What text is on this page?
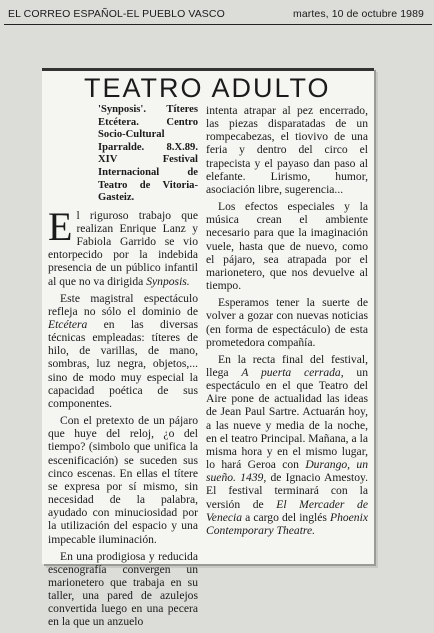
EL CORREO ESPAÑOL-EL PUEBLO VASCO	martes, 10 de octubre 1989
TEATRO ADULTO

'Synposis'. Títeres Etcétera. Centro Socio-Cultural Iparralde. 8.X.89. XIV Festival Internacional de Teatro de Vitoria-Gasteiz.

El riguroso trabajo que realizan Enrique Lanz y Fabiola Garrido se vio entorpecido por la indebida presencia de un público infantil al que no va dirigida Synposis.

Este magistral espectáculo refleja no sólo el dominio de Etcétera en las diversas técnicas empleadas: títeres de hilo, de varillas, de mano, sombras, luz negra, objetos,... sino de modo muy especial la capacidad poética de sus componentes.

Con el pretexto de un pájaro que huye del reloj, ¿o del tiempo? (simbolo que unifica la escenificación) se suceden sus cinco escenas. En ellas el títere se expresa por sí mismo, sin necesidad de la palabra, ayudado con minuciosidad por la utilización del espacio y una impecable iluminación.

En una prodigiosa y reducida escenografía convergen un marionetero que trabaja en su taller, una pared de azulejos convertida luego en una pecera en la que un anzuelo

intenta atrapar al pez encerrado, las piezas disparatadas de un rompecabezas, el tiovivo de una feria y dentro del circo el trapecista y el payaso dan paso al elefante. Lirismo, humor, asociación libre, sugerencia...

Los efectos especiales y la música crean el ambiente necesario para que la imaginación vuele, hasta que de nuevo, como el pájaro, sea atrapada por el marionetero, que nos devuelve al tiempo.

Esperamos tener la suerte de volver a gozar con nuevas noticias (en forma de espectáculo) de esta prometedora compañía.

En la recta final del festival, llega A puerta cerrada, un espectáculo en el que Teatro del Aire pone de actualidad las ideas de Jean Paul Sartre. Actuarán hoy, a las nueve y media de la noche, en el teatro Principal. Mañana, a la misma hora y en el mismo lugar, lo hará Geroa con Durango, un sueño. 1439, de Ignacio Amestoy. El festival terminará con la versión de El Mercader de Venecia a cargo del inglés Phoenix Contemporary Theatre.
